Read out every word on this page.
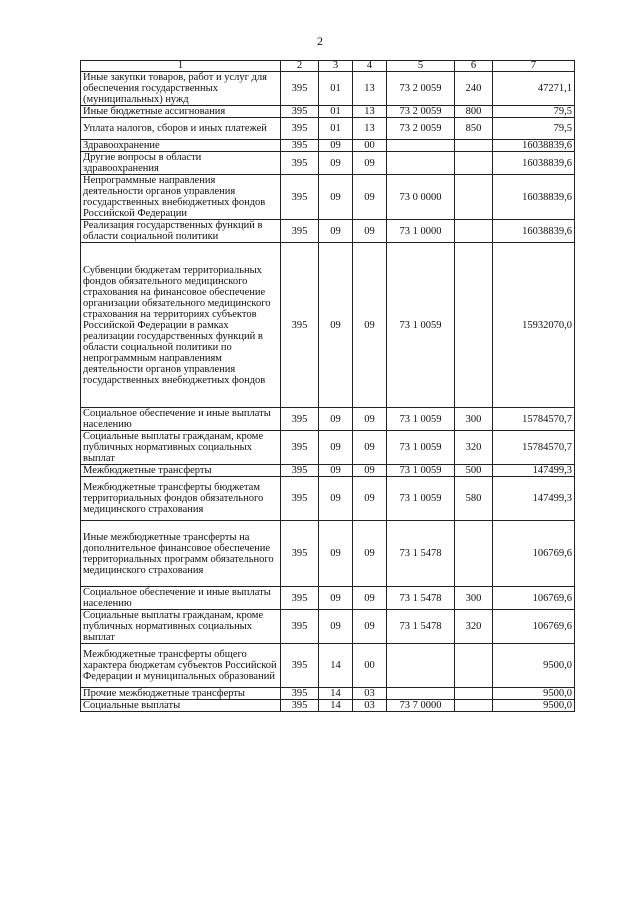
2
1	2	3	4	5	6	7
Иные закупки товаров, работ и услуг для обеспечения государственных (муниципальных) нужд	395	01	13	73 2 0059	240	47271,1
Иные бюджетные ассигнования	395	01	13	73 2 0059	800	79,5
Уплата налогов, сборов и иных платежей	395	01	13	73 2 0059	850	79,5
Здравоохранение	395	09	00			16038839,6
Другие вопросы в области здравоохранения	395	09	09			16038839,6
Непрограммные направления деятельности органов управления государственных внебюджетных фондов Российской Федерации	395	09	09	73 0 0000		16038839,6
Реализация государственных функций в области социальной политики	395	09	09	73 1 0000		16038839,6
Субвенции бюджетам территориальных фондов обязательного медицинского страхования на финансовое обеспечение организации обязательного медицинского страхования на территориях субъектов Российской Федерации в рамках реализации государственных функций в области социальной политики по непрограммным направлениям деятельности органов управления государственных внебюджетных фондов	395	09	09	73 1 0059		15932070,0
Социальное обеспечение и иные выплаты населению	395	09	09	73 1 0059	300	15784570,7
Социальные выплаты гражданам, кроме публичных нормативных социальных выплат	395	09	09	73 1 0059	320	15784570,7
Межбюджетные трансферты	395	09	09	73 1 0059	500	147499,3
Межбюджетные трансферты бюджетам территориальных фондов обязательного медицинского страхования	395	09	09	73 1 0059	580	147499,3
Иные межбюджетные трансферты на дополнительное финансовое обеспечение территориальных программ обязательного медицинского страхования	395	09	09	73 1 5478		106769,6
Социальное обеспечение и иные выплаты населению	395	09	09	73 1 5478	300	106769,6
Социальные выплаты гражданам, кроме публичных нормативных социальных выплат	395	09	09	73 1 5478	320	106769,6
Межбюджетные трансферты общего характера бюджетам субъектов Российской Федерации и муниципальных образований	395	14	00			9500,0
Прочие межбюджетные трансферты	395	14	03			9500,0
Социальные выплаты	395	14	03	73 7 0000		9500,0
